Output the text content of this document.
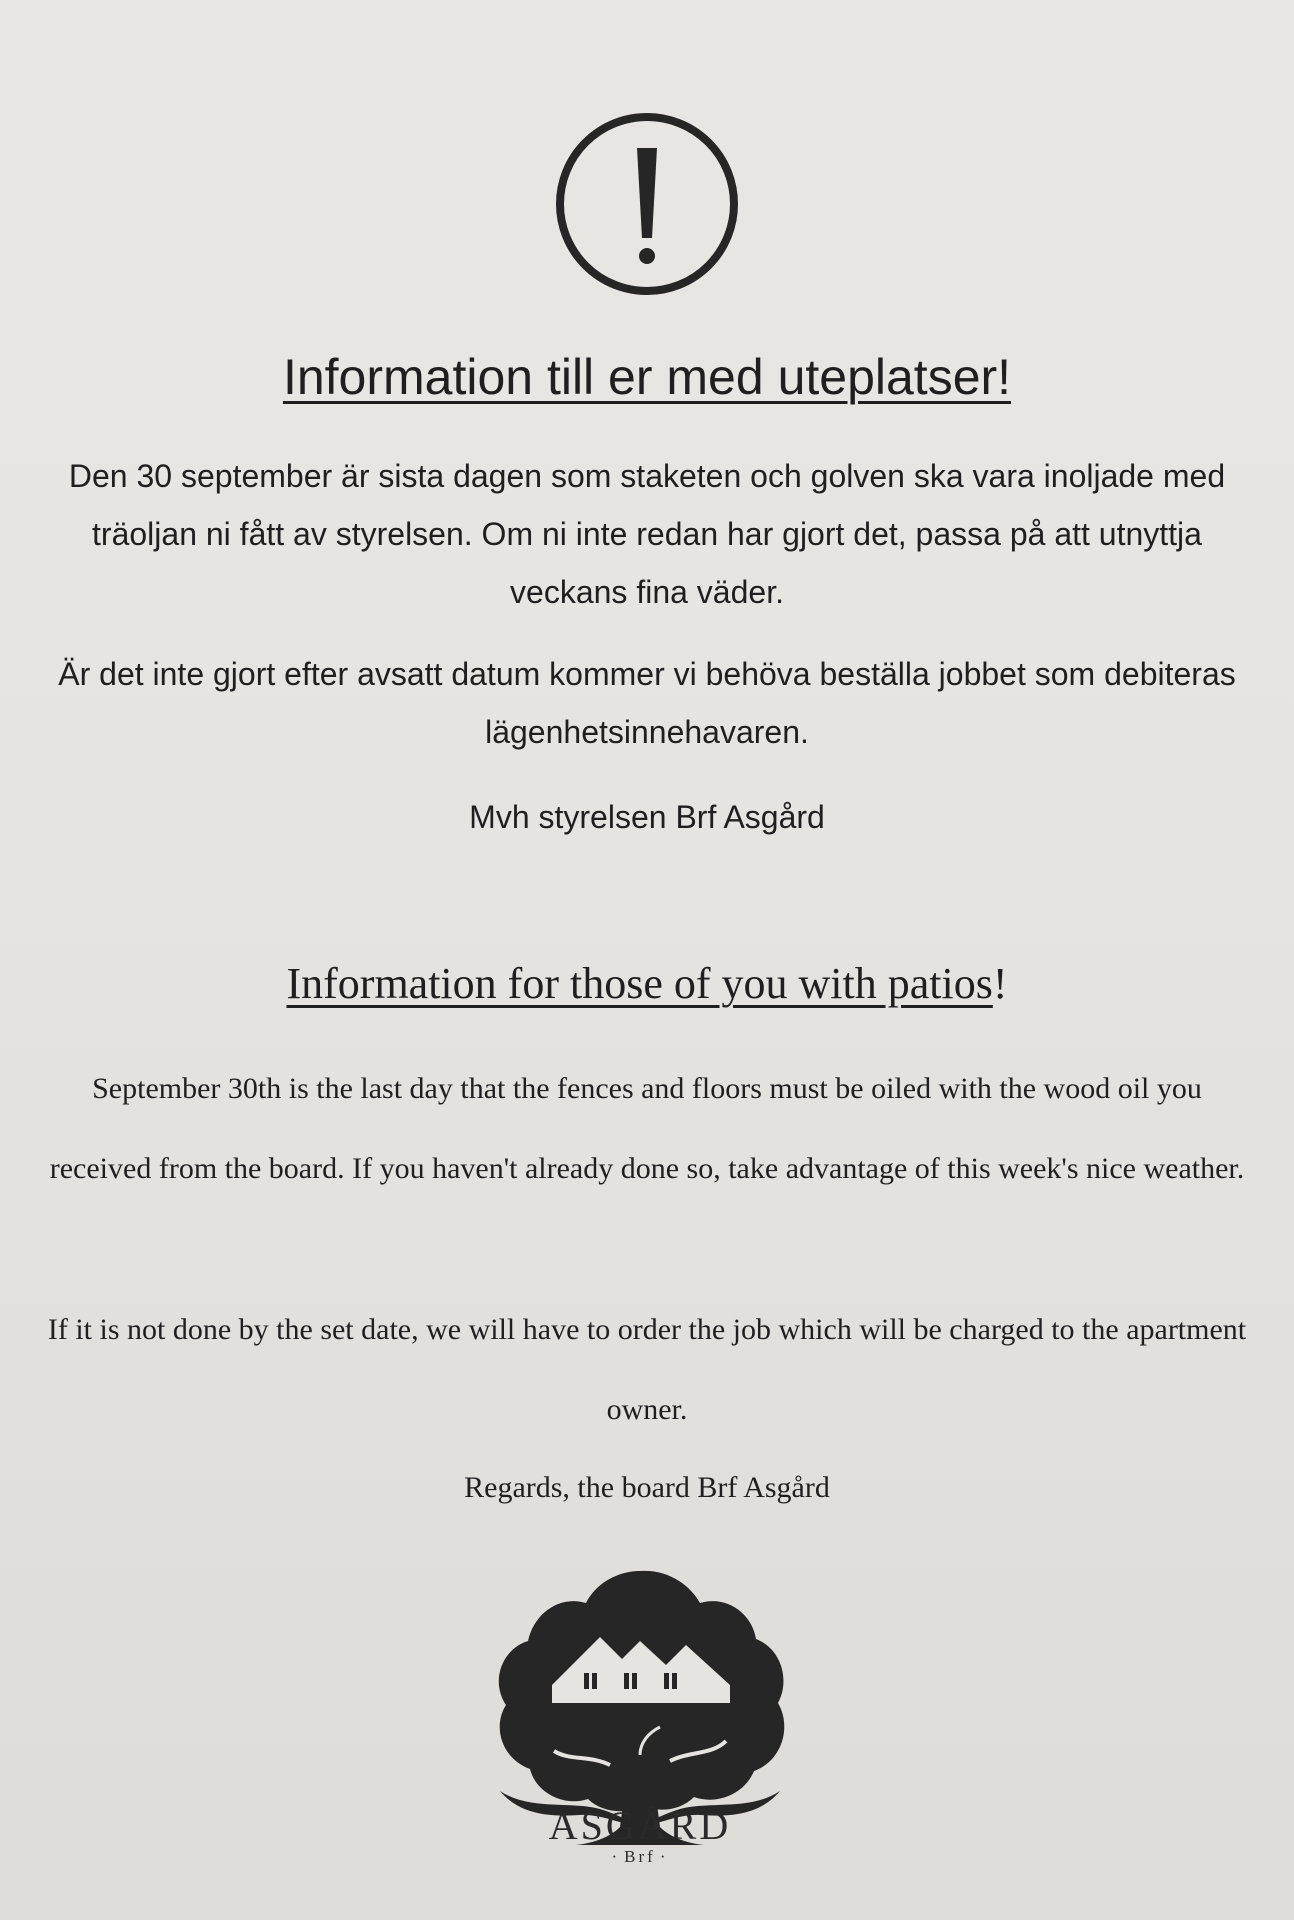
Information till er med uteplatser!

Den 30 september är sista dagen som staketen och golven ska vara inoljade med träoljan ni fått av styrelsen. Om ni inte redan har gjort det, passa på att utnyttja veckans fina väder.

Är det inte gjort efter avsatt datum kommer vi behöva beställa jobbet som debiteras lägenhetsinnehavaren.

Mvh styrelsen Brf Asgård

Information for those of you with patios!

September 30th is the last day that the fences and floors must be oiled with the wood oil you received from the board. If you haven't already done so, take advantage of this week's nice weather.

If it is not done by the set date, we will have to order the job which will be charged to the apartment owner.

Regards, the board Brf Asgård

ASGÅRD
· Brf ·
